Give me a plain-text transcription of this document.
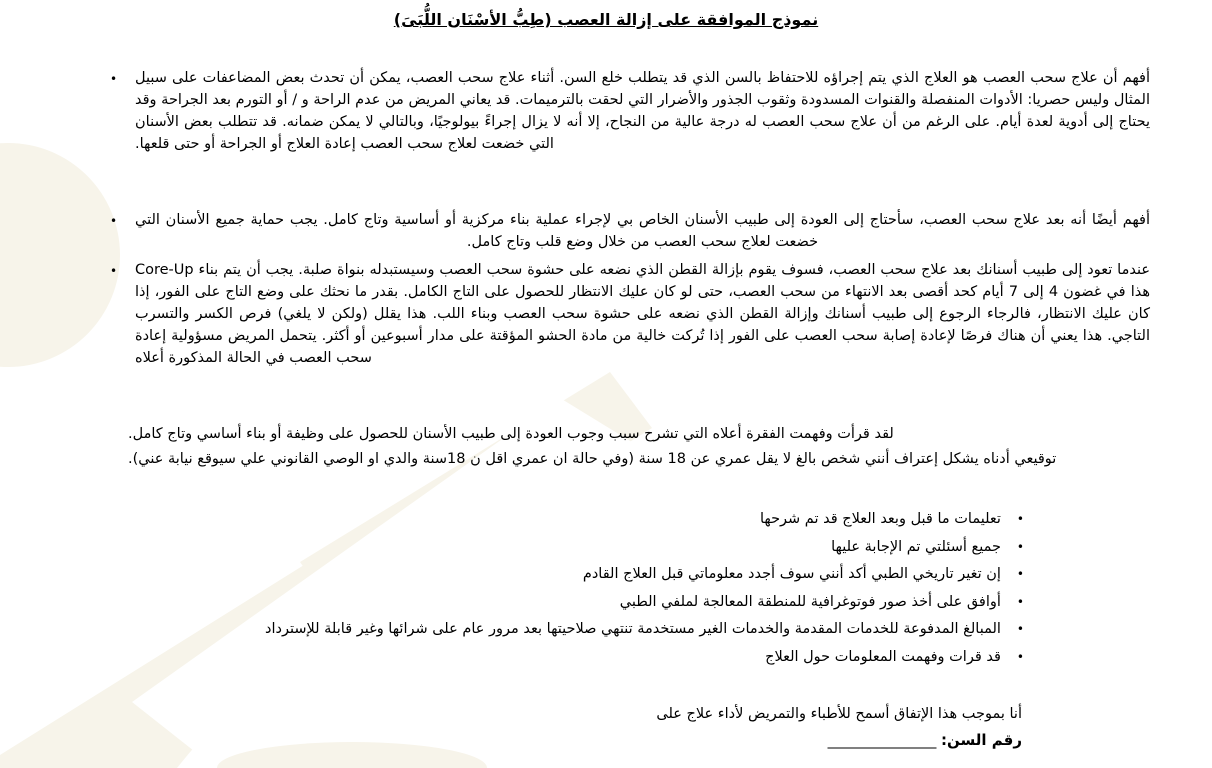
نموذج الموافقة على إزالة العصب (طِبُّ الأسْنَان اللُّبَىَ)
•	أفهم أن علاج سحب العصب هو العلاج الذي يتم إجراؤه للاحتفاظ بالسن الذي قد يتطلب خلع السن. أثناء علاج سحب العصب، يمكن أن تحدث بعض المضاعفات على سبيل المثال وليس حصريا: الأدوات المنفصلة والقنوات المسدودة وثقوب الجذور والأضرار التي لحقت بالترميمات. قد يعاني المريض من عدم الراحة و / أو التورم بعد الجراحة وقد يحتاج إلى أدوية لعدة أيام. على الرغم من أن علاج سحب العصب له درجة عالية من النجاح، إلا أنه لا يزال إجراءً بيولوجيًا، وبالتالي لا يمكن ضمانه. قد تتطلب بعض الأسنان التي خضعت لعلاج سحب العصب إعادة العلاج أو الجراحة أو حتى قلعها.
•	أفهم أيضًا أنه بعد علاج سحب العصب، سأحتاج إلى العودة إلى طبيب الأسنان الخاص بي لإجراء عملية بناء مركزية أو أساسية وتاج كامل. يجب حماية جميع الأسنان التي خضعت لعلاج سحب العصب من خلال وضع قلب وتاج كامل.
•	عندما تعود إلى طبيب أسنانك بعد علاج سحب العصب، فسوف يقوم بإزالة القطن الذي نضعه على حشوة سحب العصب وسيستبدله بنواة صلبة. يجب أن يتم بناء Core-Up هذا في غضون 4 إلى 7 أيام كحد أقصى بعد الانتهاء من سحب العصب، حتى لو كان عليك الانتظار للحصول على التاج الكامل. بقدر ما نحثك على وضع التاج على الفور، إذا كان عليك الانتظار، فالرجاء الرجوع إلى طبيب أسنانك وإزالة القطن الذي نضعه على حشوة سحب العصب وبناء اللب. هذا يقلل (ولكن لا يلغي) فرص الكسر والتسرب التاجي. هذا يعني أن هناك فرصًا لإعادة إصابة سحب العصب على الفور إذا تُركت خالية من مادة الحشو المؤقتة على مدار أسبوعين أو أكثر. يتحمل المريض مسؤولية إعادة سحب العصب في الحالة المذكورة أعلاه
لقد قرأت وفهمت الفقرة أعلاه التي تشرح سبب وجوب العودة إلى طبيب الأسنان للحصول على وظيفة أو بناء أساسي وتاج كامل.
توقيعي أدناه يشكل إعتراف أنني شخص بالغ لا يقل عمري عن 18 سنة (وفي حالة ان عمري اقل ن 18سنة والدي او الوصي القانوني علي سيوقع نيابة عني).
•
تعليمات ما قبل وبعد العلاج قد تم شرحها
•
جميع أسئلتي تم الإجابة عليها
•
إن تغير تاريخي الطبي أكد أنني سوف أجدد معلوماتي قبل العلاج القادم
•
أوافق على أخذ صور فوتوغرافية للمنطقة المعالجة لملفي الطبي
•
المبالغ المدفوعة للخدمات المقدمة والخدمات الغير مستخدمة تنتهي صلاحيتها بعد مرور عام على شرائها وغير قابلة للإسترداد
•
قد قرات وفهمت المعلومات حول العلاج
أنا بموجب هذا الإتفاق أسمح للأطباء والتمريض لأداء علاج على
رقم السن: _______________
